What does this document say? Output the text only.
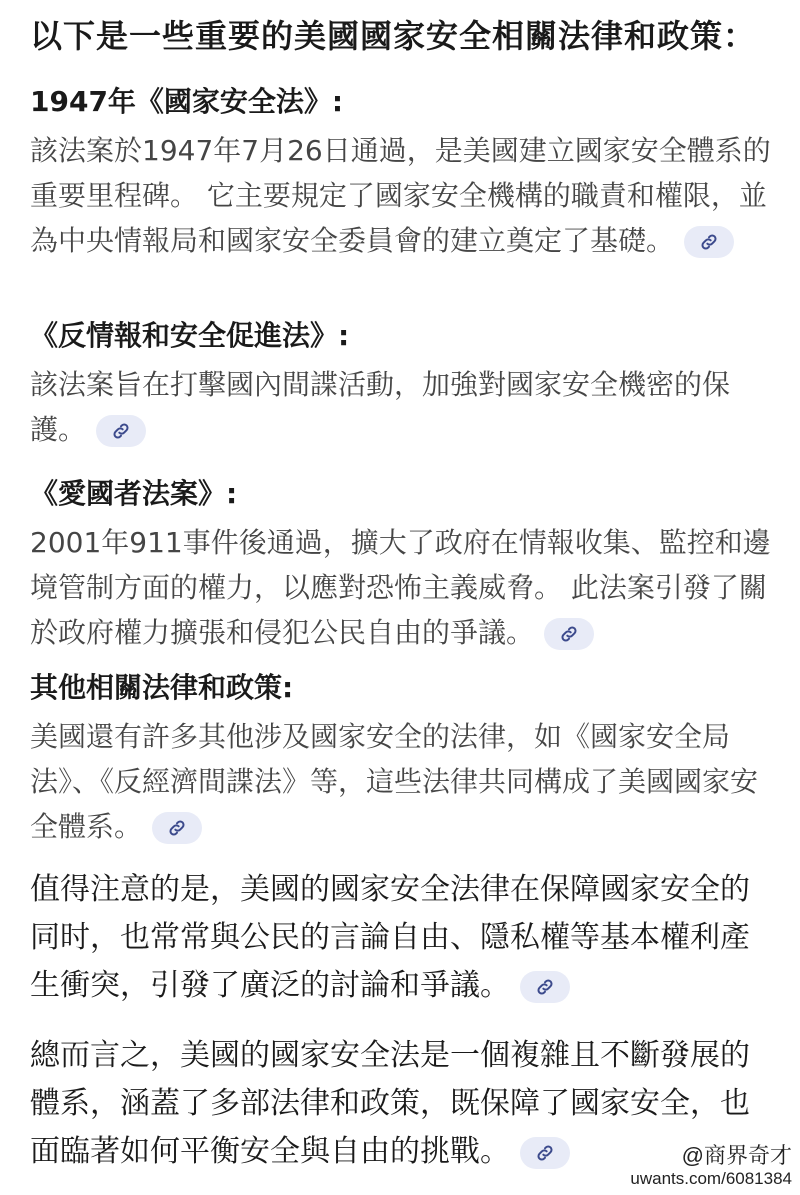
以下是一些重要的美國國家安全相關法律和政策：

1947年《國家安全法》:

該法案於1947年7月26日通過，是美國建立國家安全體系的重要里程碑。 它主要規定了國家安全機構的職責和權限，並為中央情報局和國家安全委員會的建立奠定了基礎。

《反情報和安全促進法》:

該法案旨在打擊國內間諜活動，加強對國家安全機密的保護。

《愛國者法案》:

2001年911事件後通過，擴大了政府在情報收集、監控和邊境管制方面的權力，以應對恐怖主義威脅。 此法案引發了關於政府權力擴張和侵犯公民自由的爭議。

其他相關法律和政策:

美國還有許多其他涉及國家安全的法律，如《國家安全局法》、《反經濟間諜法》等，這些法律共同構成了美國國家安全體系。

值得注意的是，美國的國家安全法律在保障國家安全的同时，也常常與公民的言論自由、隱私權等基本權利產生衝突，引發了廣泛的討論和爭議。

總而言之，美國的國家安全法是一個複雜且不斷發展的體系，涵蓋了多部法律和政策，既保障了國家安全，也面臨著如何平衡安全與自由的挑戰。	@商界奇才
uwants.com/6081384
